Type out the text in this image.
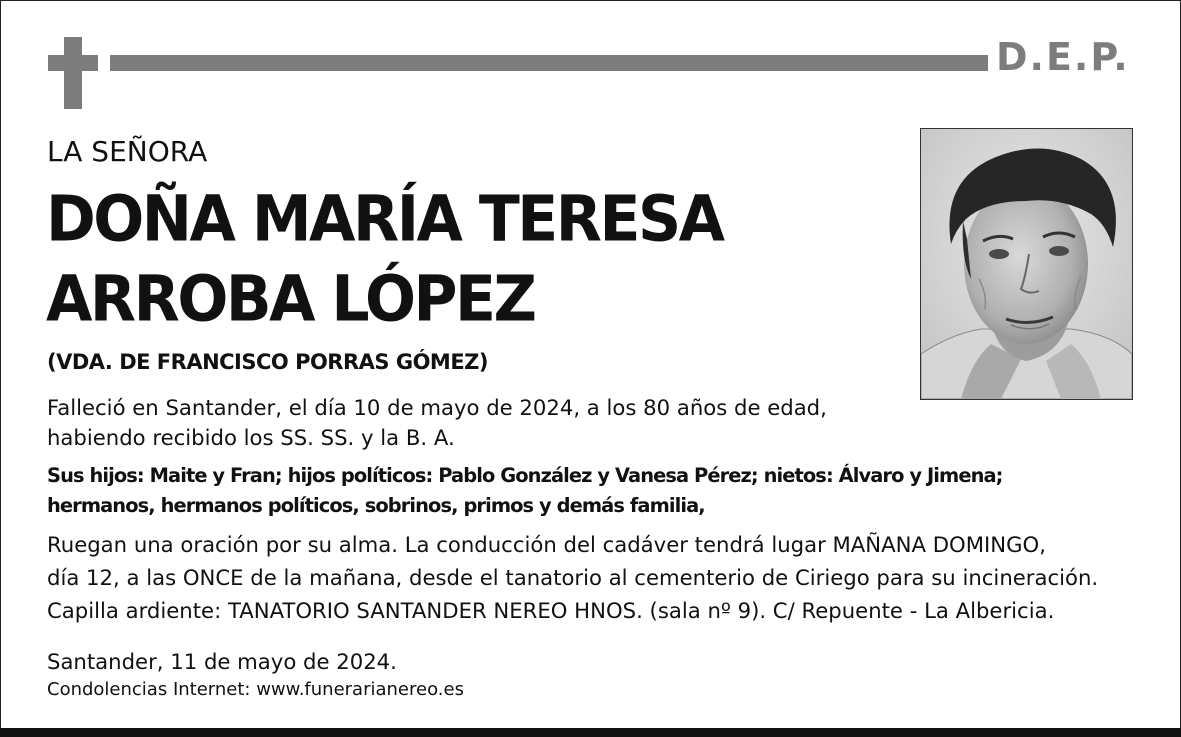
D.E.P.
LA SEÑORA
DOÑA MARÍA TERESA
ARROBA LÓPEZ
(VDA. DE FRANCISCO PORRAS GÓMEZ)
Falleció en Santander, el día 10 de mayo de 2024, a los 80 años de edad,
habiendo recibido los SS. SS. y la B. A.
Sus hijos: Maite y Fran; hijos políticos: Pablo González y Vanesa Pérez; nietos: Álvaro y Jimena;
hermanos, hermanos políticos, sobrinos, primos y demás familia,
Ruegan una oración por su alma. La conducción del cadáver tendrá lugar MAÑANA DOMINGO,
día 12, a las ONCE de la mañana, desde el tanatorio al cementerio de Ciriego para su incineración.
Capilla ardiente: TANATORIO SANTANDER NEREO HNOS. (sala nº 9). C/ Repuente - La Albericia.
Santander, 11 de mayo de 2024.
Condolencias Internet: www.funerarianereo.es
